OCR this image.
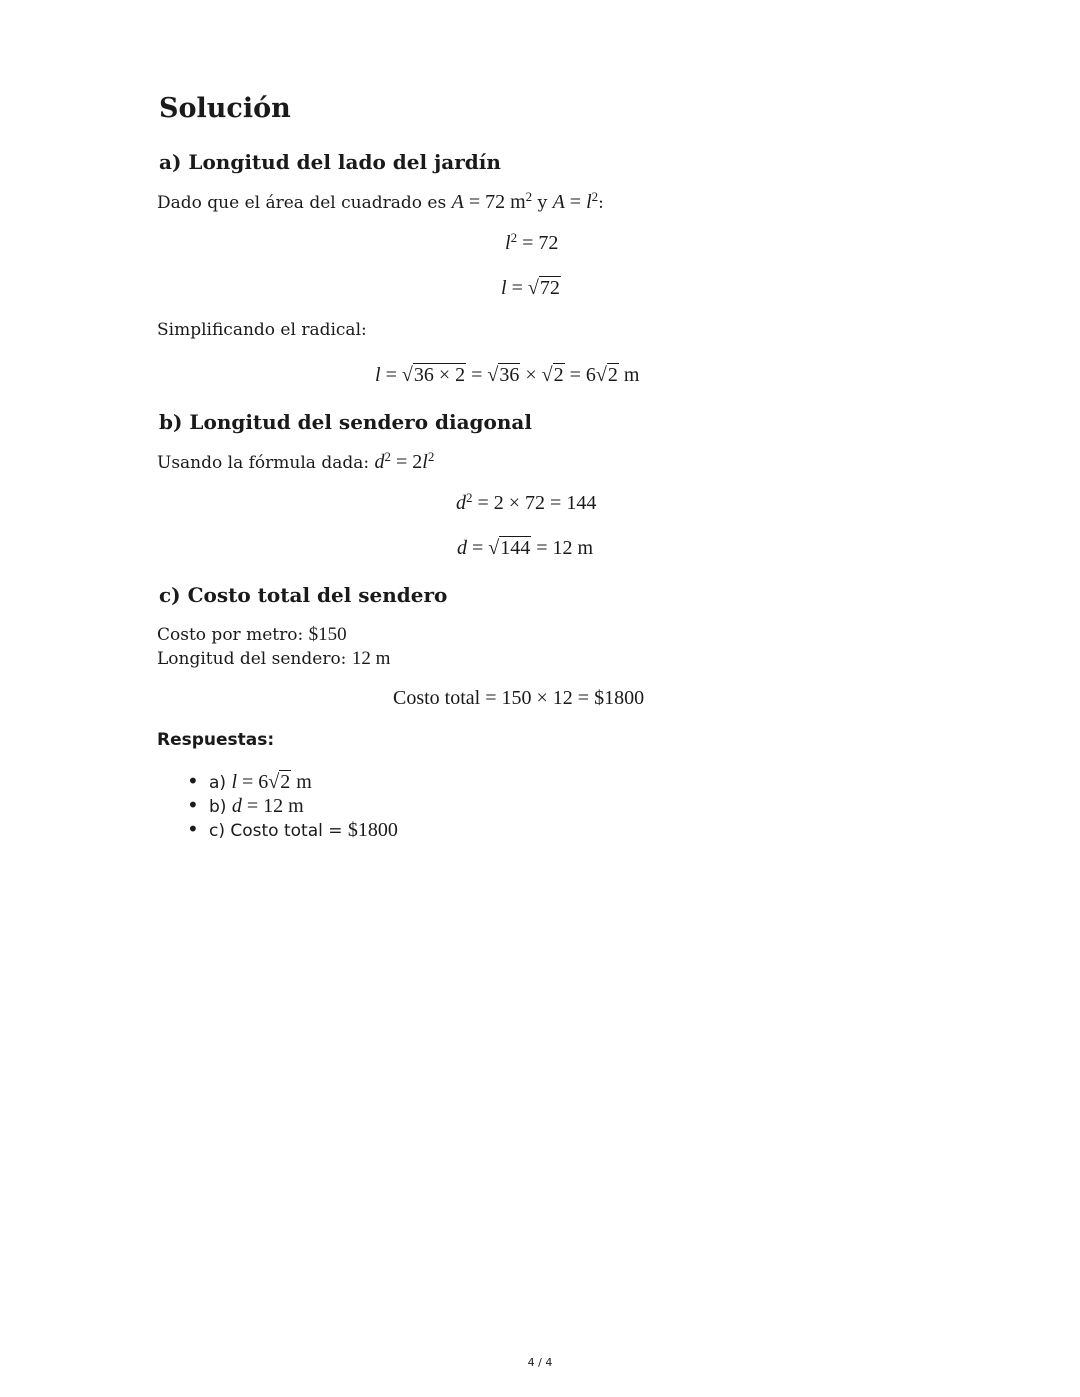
Solución
a) Longitud del lado del jardín

Dado que el área del cuadrado es A = 72 $m^2$ y $A = l^2$:

$l^2 = 72$
l = √72

Simplificando el radical:

l = √36 × 2 = √36 × √2 = 6√2 m
b) Longitud del sendero diagonal

Usando la fórmula dada: $d^2 = 2l^2$

$d^2 = 2 \times 72 = 144$
d = √144 = 12 m
c) Costo total del sendero

Costo por metro: $150

Longitud del sendero: 12 m

Costo total = 150 × 12 = $1800

Respuestas:

• a) l = 6√2 m
• b) d = 12 m
• c) Costo total = $1800
4 / 4
